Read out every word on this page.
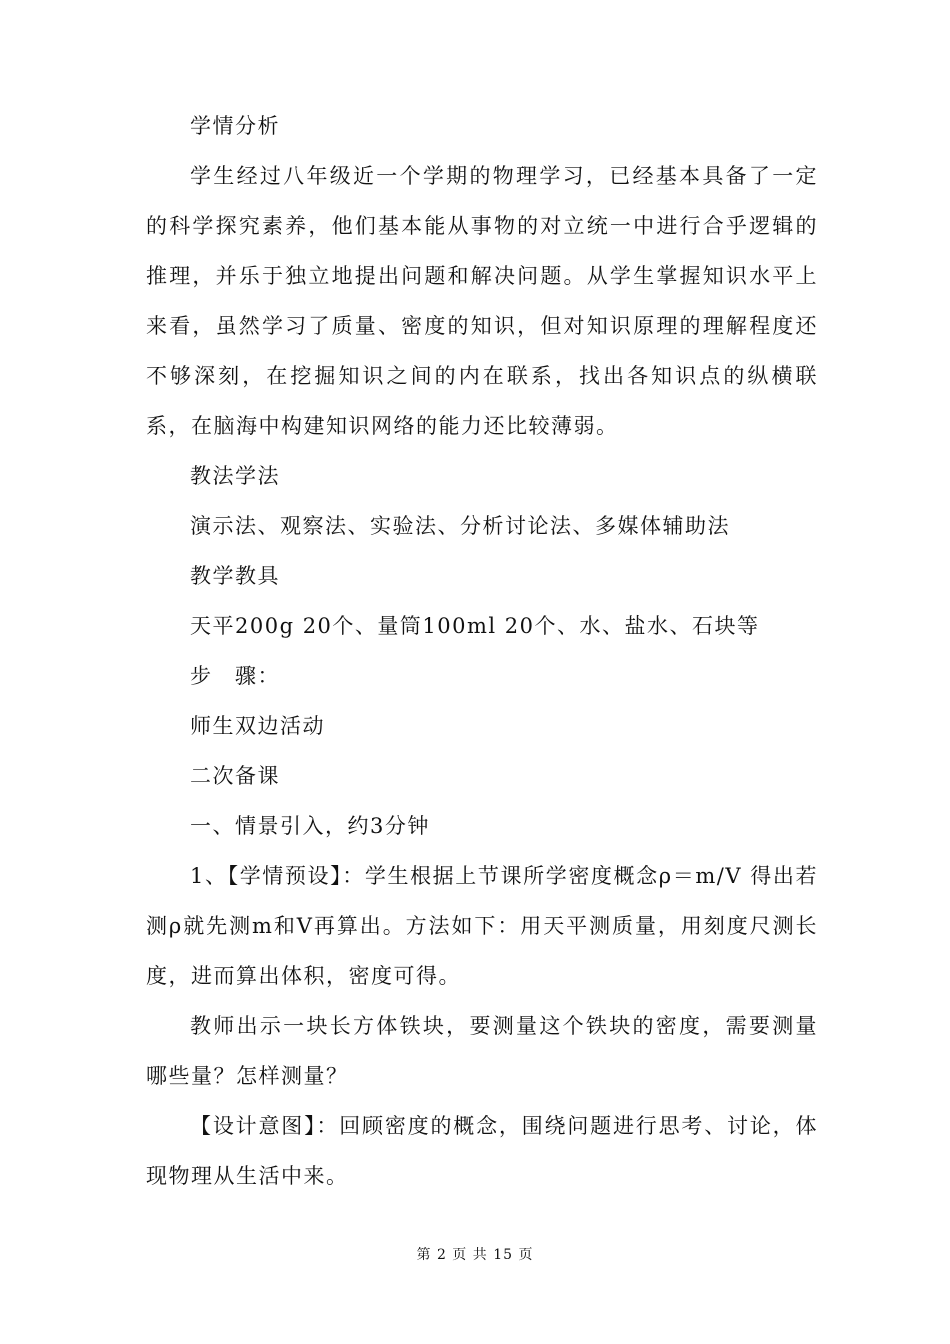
学情分析

学生经过八年级近一个学期的物理学习，已经基本具备了一定的科学探究素养，他们基本能从事物的对立统一中进行合乎逻辑的推理，并乐于独立地提出问题和解决问题。从学生掌握知识水平上来看，虽然学习了质量、密度的知识，但对知识原理的理解程度还不够深刻，在挖掘知识之间的内在联系，找出各知识点的纵横联系，在脑海中构建知识网络的能力还比较薄弱。

教法学法

演示法、观察法、实验法、分析讨论法、多媒体辅助法

教学教具

天平200g 20个、量筒100ml 20个、水、盐水、石块等

步　骤：

师生双边活动

二次备课

一、情景引入，约3分钟

1、【学情预设】：学生根据上节课所学密度概念ρ＝m/V 得出若测ρ就先测m和V再算出。方法如下：用天平测质量，用刻度尺测长度，进而算出体积，密度可得。

教师出示一块长方体铁块，要测量这个铁块的密度，需要测量哪些量？怎样测量？

【设计意图】：回顾密度的概念，围绕问题进行思考、讨论，体现物理从生活中来。

第 2 页 共 15 页
